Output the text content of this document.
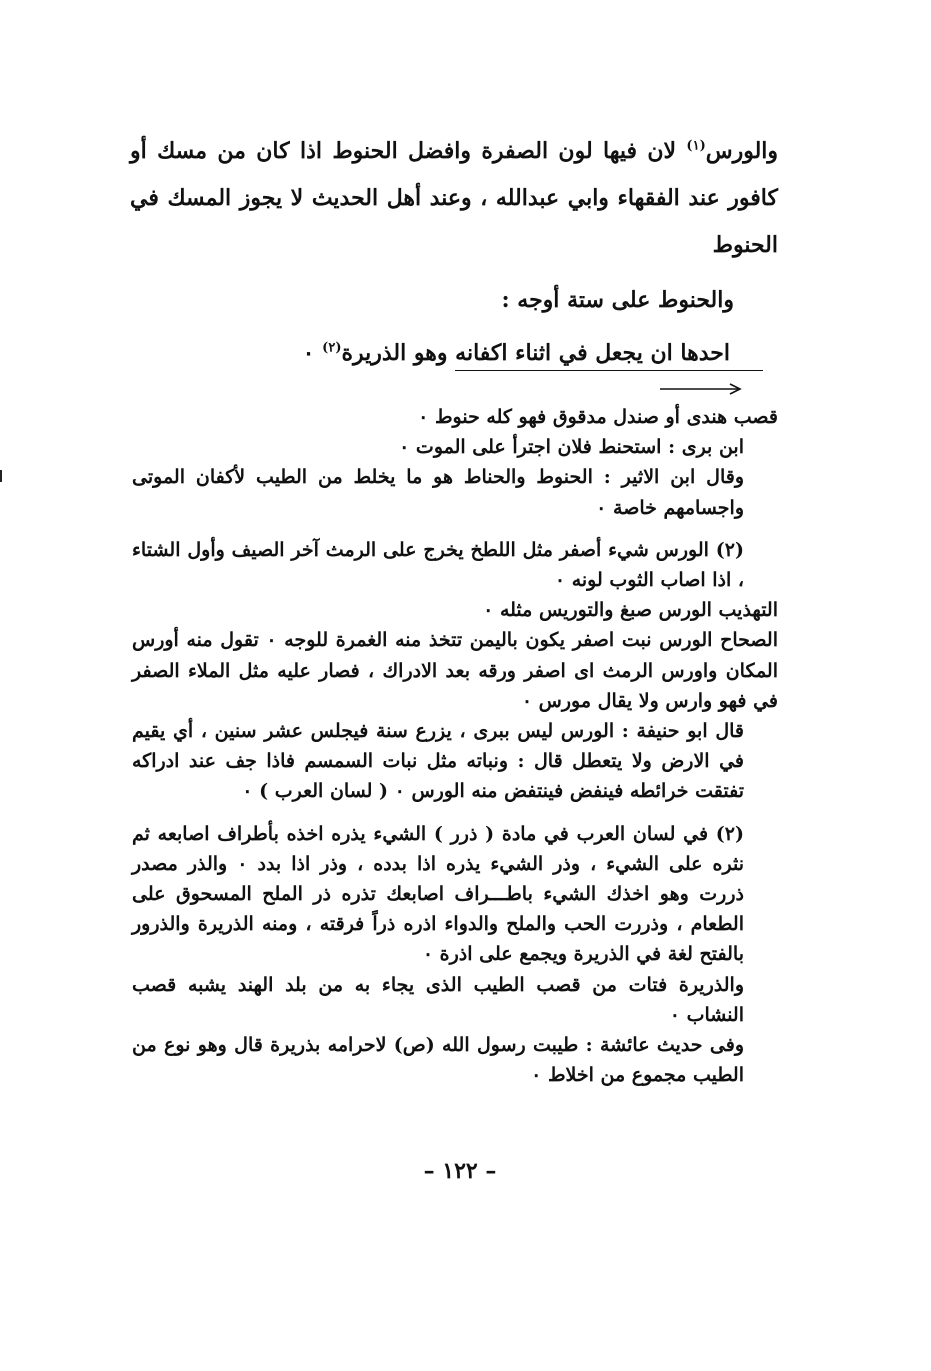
والورس$^{(١)}$ لان فيها لون الصفرة وافضل الحنوط اذا كان من مسك أو كافور عند الفقهاء وابي عبدالله ، وعند أهل الحديث لا يجوز المسك في الحنوط

والحنوط على ستة أوجه :

احدها ان يجعل في اثناء اكفانه وهو الذريرة$^{(٢)}$ ٠

قصب هندى أو صندل مدقوق فهو كله حنوط ٠

ابن برى : استحنط فلان اجترأ على الموت ٠

وقال ابن الاثير : الحنوط والحناط هو ما يخلط من الطيب لأكفان الموتى واجسامهم خاصة ٠

(٢) الورس شيء أصفر مثل اللطخ يخرج على الرمث آخر الصيف وأول الشتاء ، اذا اصاب الثوب لونه ٠

التهذيب الورس صبغ والتوريس مثله ٠

الصحاح الورس نبت اصفر يكون باليمن تتخذ منه الغمرة للوجه ٠ تقول منه أورس المكان واورس الرمث اى اصفر ورقه بعد الادراك ، فصار عليه مثل الملاء الصفر في فهو وارس ولا يقال مورس ٠

قال ابو حنيفة : الورس ليس ببرى ، يزرع سنة فيجلس عشر سنين ، أي يقيم في الارض ولا يتعطل قال : ونباته مثل نبات السمسم فاذا جف عند ادراكه تفتقت خرائطه فينفض فينتفض منه الورس ٠ ( لسان العرب ) ٠

(٢) في لسان العرب في مادة ( ذرر ) الشيء يذره اخذه بأطراف اصابعه ثم نثره على الشيء ، وذر الشيء يذره اذا بدده ، وذر اذا بدد ٠ والذر مصدر ذررت وهو اخذك الشيء باطـــراف اصابعك تذره ذر الملح المسحوق على الطعام ، وذررت الحب والملح والدواء اذره ذراً فرقته ، ومنه الذريرة والذرور بالفتح لغة في الذريرة ويجمع على اذرة ٠

والذريرة فتات من قصب الطيب الذى يجاء به من بلد الهند يشبه قصب النشاب ٠

وفى حديث عائشة : طيبت رسول الله (ص) لاحرامه بذريرة قال وهو نوع من الطيب مجموع من اخلاط ٠

– ١٢٢ –
